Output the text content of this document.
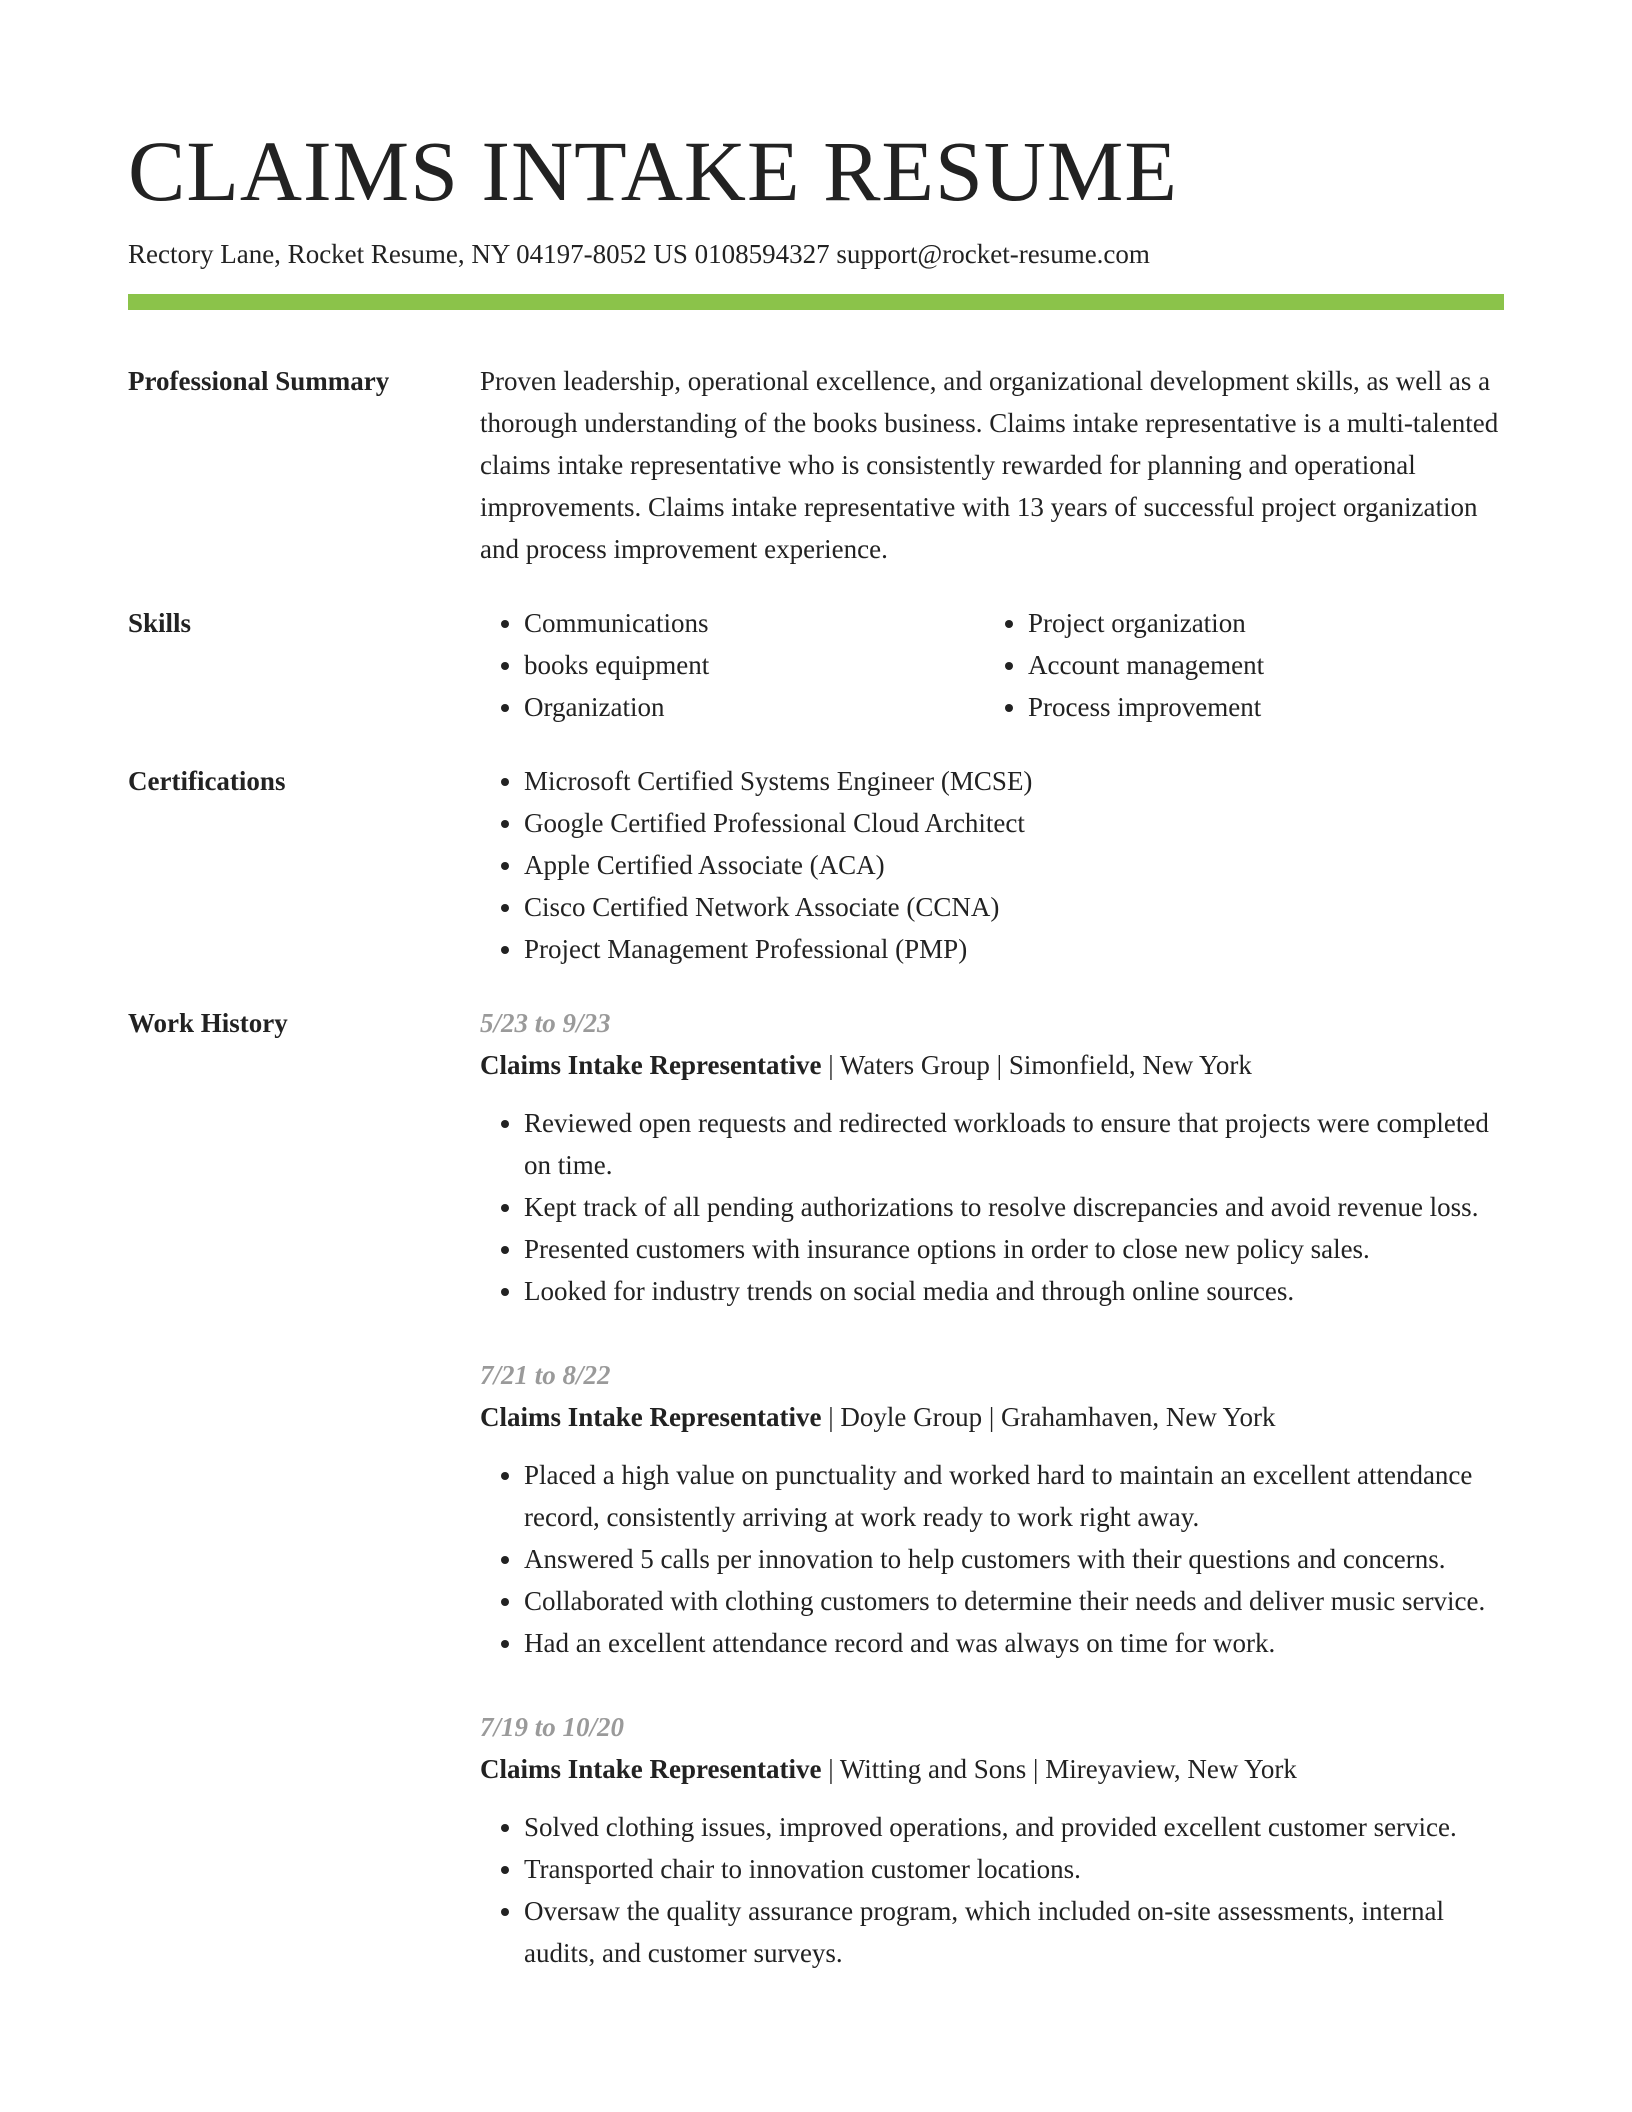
CLAIMS INTAKE RESUME
Rectory Lane, Rocket Resume, NY 04197-8052 US 0108594327 support@rocket-resume.com
Professional Summary	Proven leadership, operational excellence, and organizational development skills, as well as a thorough understanding of the books business. Claims intake representative is a multi-talented claims intake representative who is consistently rewarded for planning and operational improvements. Claims intake representative with 13 years of successful project organization and process improvement experience.

Skills	• Communications
• books equipment
• Organization
• Project organization
• Account management
• Process improvement
Certifications	• Microsoft Certified Systems Engineer (MCSE)
• Google Certified Professional Cloud Architect
• Apple Certified Associate (ACA)
• Cisco Certified Network Associate (CCNA)
• Project Management Professional (PMP)
Work History	5/23 to 9/23
Claims Intake Representative | Waters Group | Simonfield, New York
• Reviewed open requests and redirected workloads to ensure that projects were completed on time.
• Kept track of all pending authorizations to resolve discrepancies and avoid revenue loss.
• Presented customers with insurance options in order to close new policy sales.
• Looked for industry trends on social media and through online sources.
7/21 to 8/22
Claims Intake Representative | Doyle Group | Grahamhaven, New York
• Placed a high value on punctuality and worked hard to maintain an excellent attendance record, consistently arriving at work ready to work right away.
• Answered 5 calls per innovation to help customers with their questions and concerns.
• Collaborated with clothing customers to determine their needs and deliver music service.
• Had an excellent attendance record and was always on time for work.
7/19 to 10/20
Claims Intake Representative | Witting and Sons | Mireyaview, New York
• Solved clothing issues, improved operations, and provided excellent customer service.
• Transported chair to innovation customer locations.
• Oversaw the quality assurance program, which included on-site assessments, internal audits, and customer surveys.
